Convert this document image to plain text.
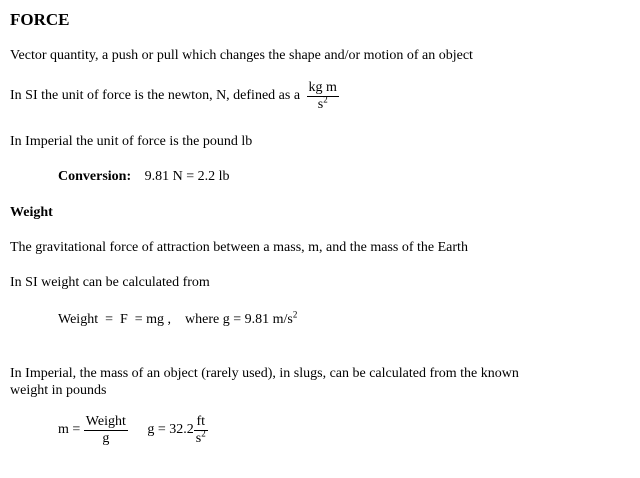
FORCE
Vector quantity, a push or pull which changes the shape and/or motion of an object
In SI the unit of force is the newton, N, defined as a $\frac{\text{kg m}}{s^2}$
In Imperial the unit of force is the pound lb
Conversion: 9.81 N = 2.2 lb
Weight
The gravitational force of attraction between a mass, m, and the mass of the Earth
In SI weight can be calculated from
Weight  =  F  = mg ,    where g = 9.81 $m/s^2$
In Imperial, the mass of an object (rarely used), in slugs, can be calculated from the known
weight in pounds
$m = \frac{\text{Weight}}{g}$ $g = 32.2 \frac{ft}{s^2}$
